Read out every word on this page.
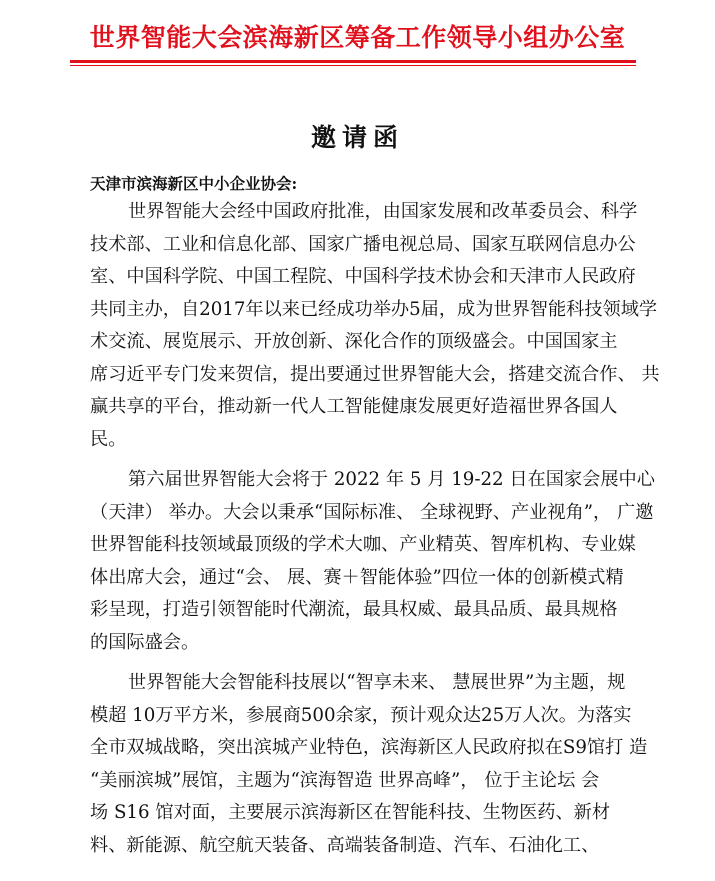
世界智能大会滨海新区筹备工作领导小组办公室
邀请函
天津市滨海新区中小企业协会:
世界智能大会经中国政府批准，由国家发展和改革委员会、科学
技术部、工业和信息化部、国家广播电视总局、国家互联网信息办公
室、中国科学院、中国工程院、中国科学技术协会和天津市人民政府
共同主办，自2017年以来已经成功举办5届，成为世界智能科技领域学
术交流、展览展示、开放创新、深化合作的顶级盛会。中国国家主
席习近平专门发来贺信，提出要通过世界智能大会，搭建交流合作、 共
赢共享的平台，推动新一代人工智能健康发展更好造福世界各国人
民。
第六届世界智能大会将于 2022 年 5 月 19-22 日在国家会展中心
（天津） 举办。大会以秉承“国际标准、 全球视野、产业视角”， 广邀
世界智能科技领域最顶级的学术大咖、产业精英、智库机构、专业媒
体出席大会，通过“会、 展、赛＋智能体验”四位一体的创新模式精
彩呈现，打造引领智能时代潮流，最具权威、最具品质、最具规格
的国际盛会。
世界智能大会智能科技展以“智享未来、 慧展世界”为主题，规
模超 10万平方米，参展商500余家，预计观众达25万人次。为落实
全市双城战略，突出滨城产业特色，滨海新区人民政府拟在S9馆打 造
“美丽滨城”展馆，主题为“滨海智造 世界高峰”， 位于主论坛 会
场 S16 馆对面，主要展示滨海新区在智能科技、生物医药、新材
料、新能源、航空航天装备、高端装备制造、汽车、石油化工、
